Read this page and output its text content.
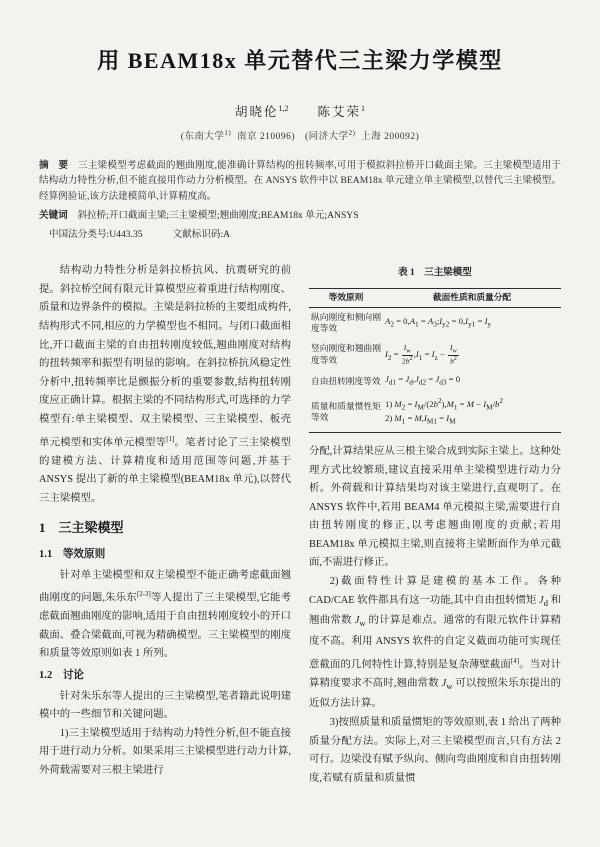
用 BEAM18x 单元替代三主梁力学模型
胡晓伦$^{1,2}$　　陈艾荣$^1$
(东南大学$^{1)}$  南京 210096)　(同济大学$^{2)}$  上海 200092)
摘　要　 三主梁模型考虑截面的翘曲刚度,能准确计算结构的扭转频率,可用于模拟斜拉桥开口截面主梁。三主梁模型适用于结构动力特性分析,但不能直接用作动力分析模型。在 ANSYS 软件中以 BEAM18x 单元建立单主梁模型,以替代三主梁模型。经算例验证,该方法建模简单,计算精度高。
关键词　 斜拉桥;开口截面主梁;三主梁模型;翘曲刚度;BEAM18x 单元;ANSYS
中国法分类号:U443.35	文献标识码:A

结构动力特性分析是斜拉桥抗风、抗震研究的前提。斜拉桥空间有限元计算模型应着重进行结构刚度、质量和边界条件的模拟。主梁是斜拉桥的主要组成构件,结构形式不同,相应的力学模型也不相同。与闭口截面相比,开口截面主梁的自由扭转刚度较低,翘曲刚度对结构的扭转频率和振型有明显的影响。在斜拉桥抗风稳定性分析中,扭转频率比是颤振分析的重要参数,结构扭转刚度应正确计算。根据主梁的不同结构形式,可选择的力学模型有:单主梁模型、双主梁模型、三主梁模型、板壳单元模型和实体单元模型等[1]。笔者讨论了三主梁模型的建模方法、计算精度和适用范围等问题,并基于 ANSYS 提出了新的单主梁模型(BEAM18x 单元),以替代三主梁模型。

1　三主梁模型
1.1　等效原则

针对单主梁模型和双主梁模型不能正确考虑截面翘曲刚度的问题,朱乐东[2-3]等人提出了三主梁模型,它能考虑截面翘曲刚度的影响,适用于自由扭转刚度较小的开口截面、叠合梁截面,可视为精确模型。三主梁模型的刚度和质量等效原则如表 1 所列。

1.2　讨论

针对朱乐东等人提出的三主梁模型,笔者籍此说明建模中的一些细节和关键问题。

1)三主梁模型适用于结构动力特性分析,但不能直接用于进行动力分析。如果采用三主梁模型进行动力计算,外荷载需要对三根主梁进行

表 1　三主梁模型
等效原则	截面性质和质量分配
纵向刚度和侧向刚度等效	$A_2 = 0,A_1$ = $A_3;I_{y2} = 0,I_{y1} = I_y$
竖向刚度和翘曲刚度等效	$I_2 = \frac{I_w}{2b^2} ,I_1 = I_z - \frac{I_w}{b^2}$

自由扭转刚度等效	$J_{d1} = J_d,J_{d2} = J_{d3} = 0$
质量和质量惯性矩等效	1) $M_2 = I_M/(2b^2),M_1 = M - I_M/b^2$
2) $M_1 = M,I_{M1} = I_M$

分配,计算结果应从三根主梁合成到实际主梁上。这种处理方式比较繁琐,建议直接采用单主梁模型进行动力分析。外荷载和计算结果均对该主梁进行,直观明了。在 ANSYS 软件中,若用 BEAM4 单元模拟主梁,需要进行自由扭转刚度的修正,以考虑翘曲刚度的贡献;若用 BEAM18x 单元模拟主梁,则直接将主梁断面作为单元截面,不需进行修正。

2)截面特性计算是建模的基本工作。各种 CAD/CAE 软件都具有这一功能,其中自由扭转惯矩 $J_d$ 和翘曲常数 $J_w$ 的计算是难点。通常的有限元软件计算精度不高。利用 ANSYS 软件的自定义截面功能可实现任意截面的几何特性计算,特别是复杂薄壁截面[4]。当对计算精度要求不高时,翘曲常数 $J_w$ 可以按照朱乐东提出的近似方法计算。

3)按照质量和质量惯矩的等效原则,表 1 给出了两种质量分配方法。实际上,对三主梁模型而言,只有方法 2 可行。边梁没有赋予纵向、侧向弯曲刚度和自由扭转刚度,若赋有质量和质量惯
